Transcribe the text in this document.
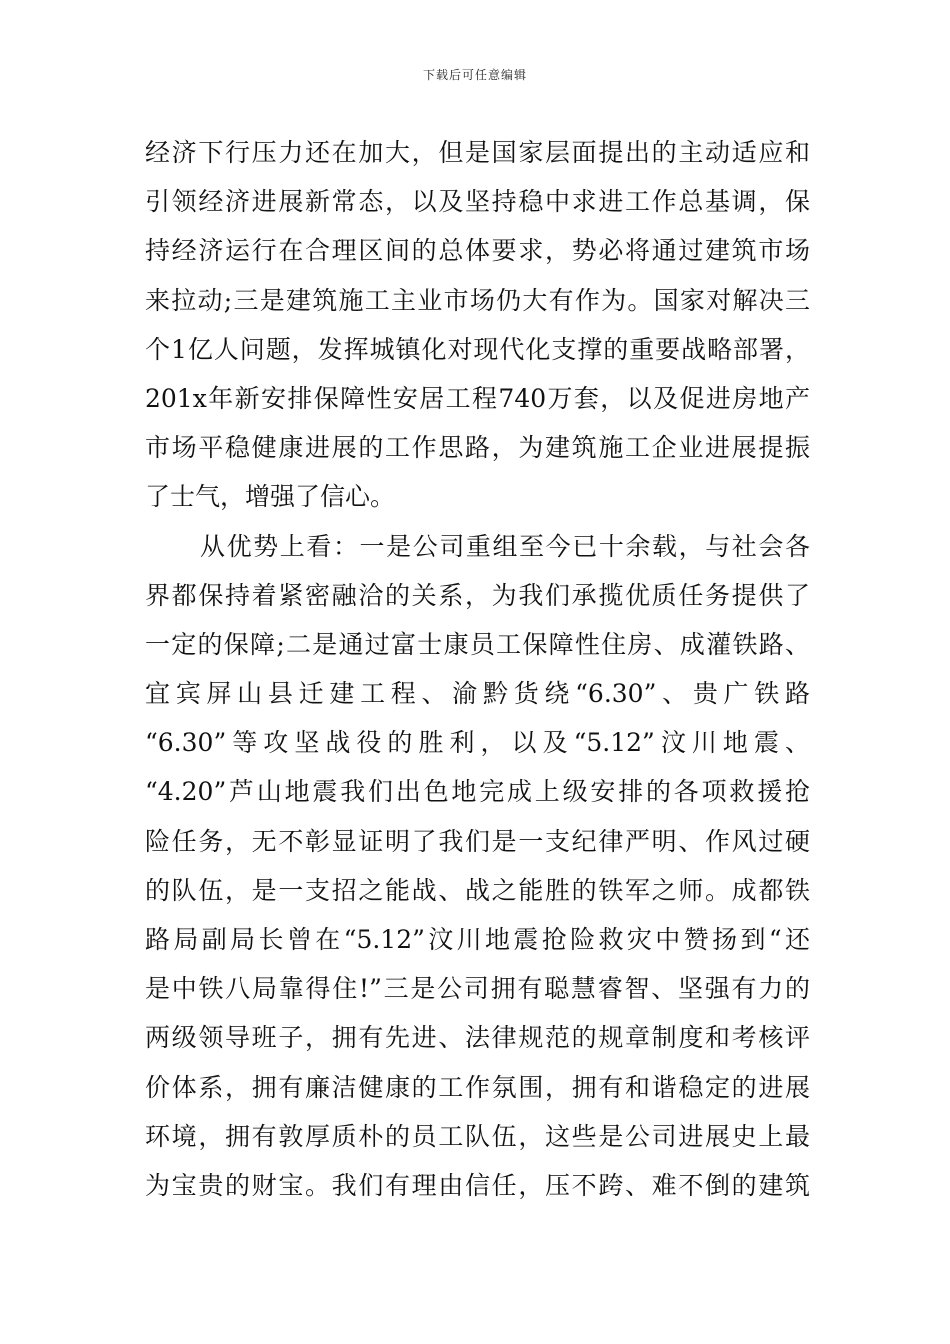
下载后可任意编辑
经济下行压力还在加大，但是国家层面提出的主动适应和
引领经济进展新常态，以及坚持稳中求进工作总基调，保
持经济运行在合理区间的总体要求，势必将通过建筑市场
来拉动;三是建筑施工主业市场仍大有作为。国家对解决三
个1亿人问题，发挥城镇化对现代化支撑的重要战略部署，
201x年新安排保障性安居工程740万套，以及促进房地产
市场平稳健康进展的工作思路，为建筑施工企业进展提振
了士气，增强了信心。
从优势上看：一是公司重组至今已十余载，与社会各
界都保持着紧密融洽的关系，为我们承揽优质任务提供了
一定的保障;二是通过富士康员工保障性住房、成灌铁路、
宜宾屏山县迁建工程、渝黔货绕“6.30”、贵广铁路
“6.30”等攻坚战役的胜利，以及“5.12”汶川地震、
“4.20”芦山地震我们出色地完成上级安排的各项救援抢
险任务，无不彰显证明了我们是一支纪律严明、作风过硬
的队伍，是一支招之能战、战之能胜的铁军之师。成都铁
路局副局长曾在“5.12”汶川地震抢险救灾中赞扬到“还
是中铁八局靠得住!”三是公司拥有聪慧睿智、坚强有力的
两级领导班子，拥有先进、法律规范的规章制度和考核评
价体系，拥有廉洁健康的工作氛围，拥有和谐稳定的进展
环境，拥有敦厚质朴的员工队伍，这些是公司进展史上最
为宝贵的财宝。我们有理由信任，压不跨、难不倒的建筑
